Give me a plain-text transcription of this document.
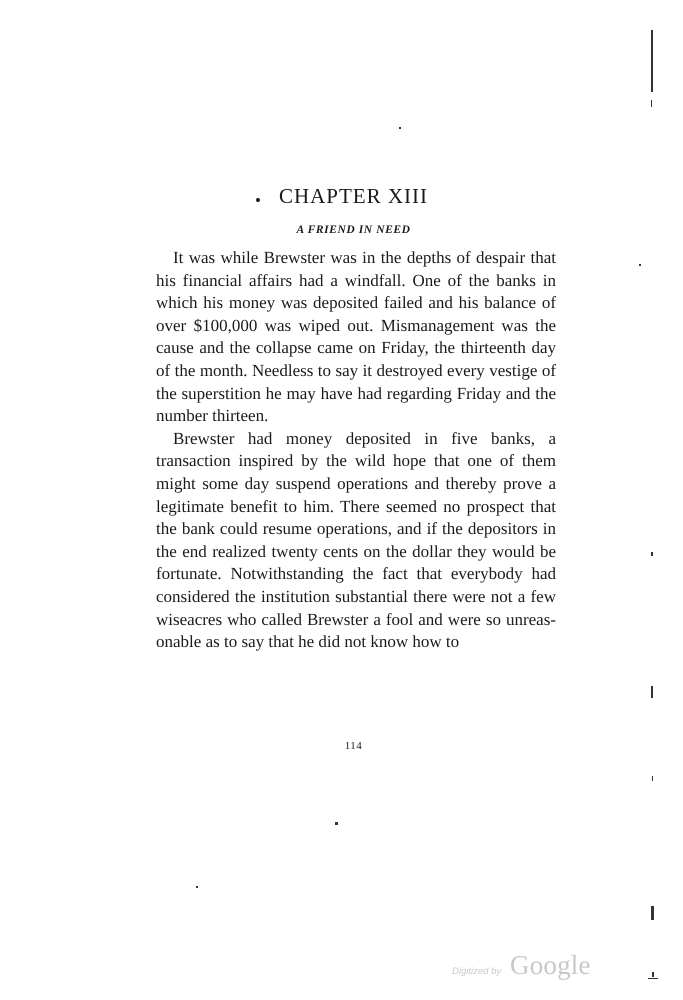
CHAPTER XIII
A FRIEND IN NEED

It was while Brewster was in the depths of despair that his financial affairs had a windfall. One of the banks in which his money was deposited failed and his balance of over $100,000 was wiped out. Mismanagement was the cause and the collapse came on Friday, the thirteenth day of the month. Needless to say it destroyed every vestige of the superstition he may have had regarding Friday and the number thirteen.

Brewster had money deposited in five banks, a transaction inspired by the wild hope that one of them might some day suspend operations and thereby prove a legitimate benefit to him. There seemed no prospect that the bank could resume operations, and if the depositors in the end realized twenty cents on the dollar they would be fortunate. Notwithstanding the fact that everybody had considered the institution substantial there were not a few wiseacres who called Brewster a fool and were so unreasonable as to say that he did not know how to

114
Digitized by Google
